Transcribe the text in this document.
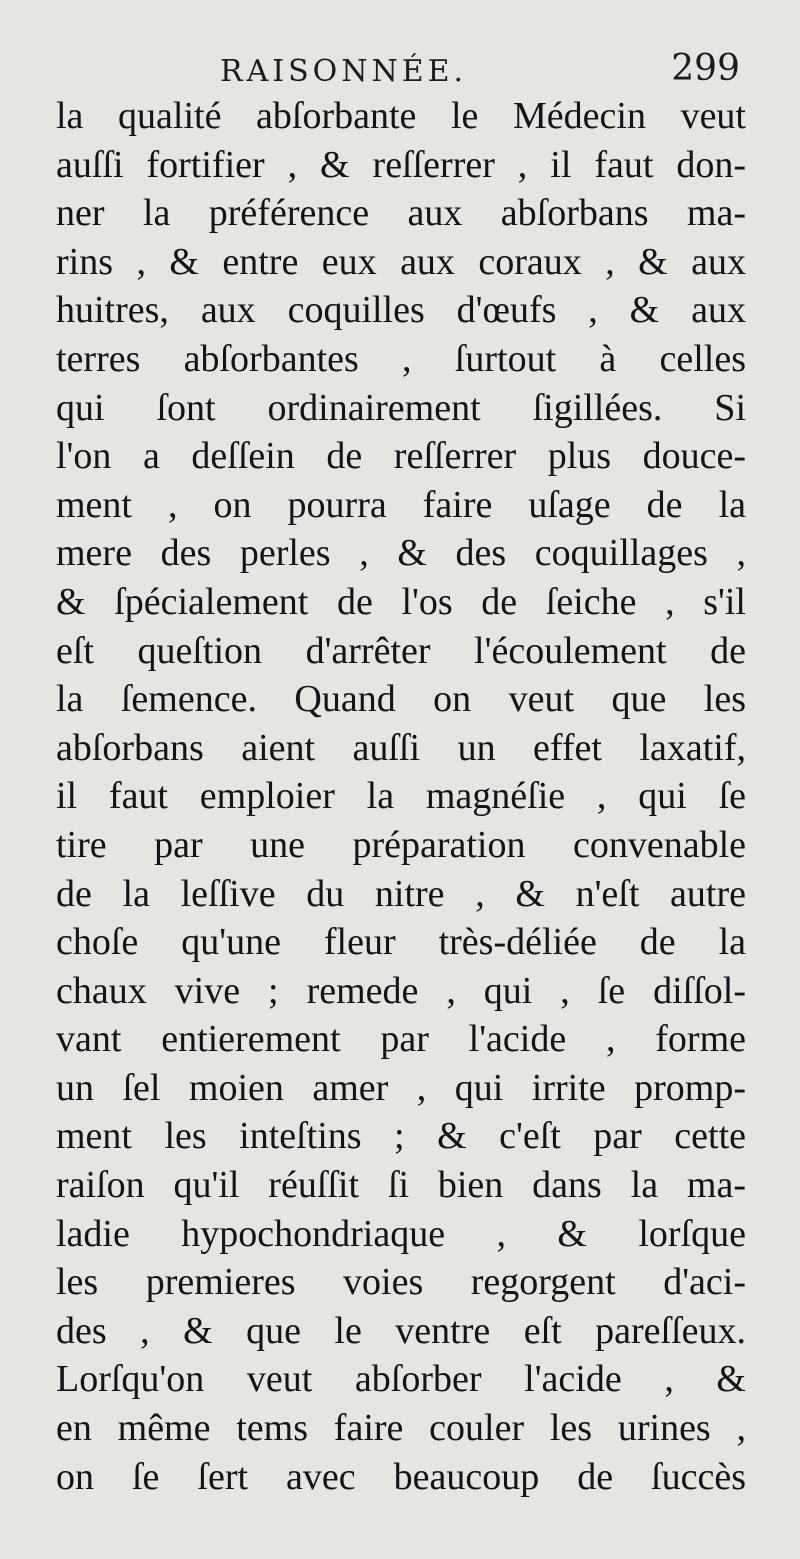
RAISONNÉE.	299
la qualité abſorbante le Médecin veut
auſſi fortifier , & reſſerrer , il faut don-
ner la préférence aux abſorbans ma-
rins , & entre eux aux coraux , & aux
huitres, aux coquilles d'œufs , & aux
terres abſorbantes , ſurtout à celles
qui ſont ordinairement ſigillées. Si
l'on a deſſein de reſſerrer plus douce-
ment , on pourra faire uſage de la
mere des perles , & des coquillages ,
& ſpécialement de l'os de ſeiche , s'il
eſt queſtion d'arrêter l'écoulement de
la ſemence. Quand on veut que les
abſorbans aient auſſi un effet laxatif,
il faut emploier la magnéſie , qui ſe
tire par une préparation convenable
de la leſſive du nitre , & n'eſt autre
choſe qu'une fleur très-déliée de la
chaux vive ; remede , qui , ſe diſſol-
vant entierement par l'acide , forme
un ſel moien amer , qui irrite promp-
ment les inteſtins ; & c'eſt par cette
raiſon qu'il réuſſit ſi bien dans la ma-
ladie hypochondriaque , & lorſque
les premieres voies regorgent d'aci-
des , & que le ventre eſt pareſſeux.
Lorſqu'on veut abſorber l'acide , &
en même tems faire couler les urines ,
on ſe ſert avec beaucoup de ſuccès
